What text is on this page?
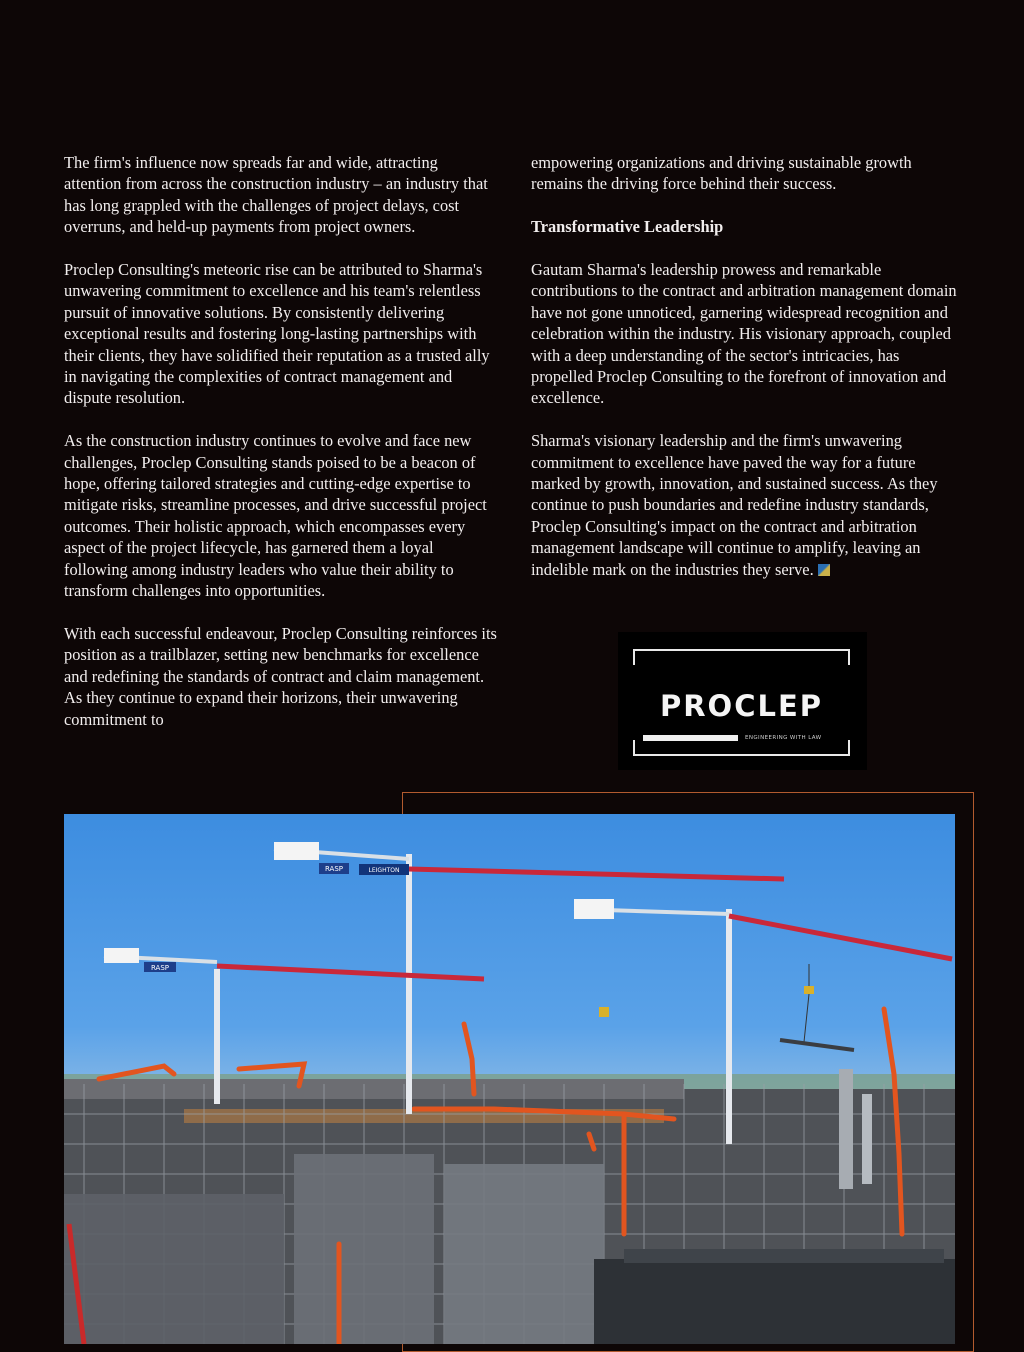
The firm's influence now spreads far and wide, attracting attention from across the construction industry – an industry that has long grappled with the challenges of project delays, cost overruns, and held-up payments from project owners.

Proclep Consulting's meteoric rise can be attributed to Sharma's unwavering commitment to excellence and his team's relentless pursuit of innovative solutions. By consistently delivering exceptional results and fostering long-lasting partnerships with their clients, they have solidified their reputation as a trusted ally in navigating the complexities of contract management and dispute resolution.

As the construction industry continues to evolve and face new challenges, Proclep Consulting stands poised to be a beacon of hope, offering tailored strategies and cutting-edge expertise to mitigate risks, streamline processes, and drive successful project outcomes. Their holistic approach, which encompasses every aspect of the project lifecycle, has garnered them a loyal following among industry leaders who value their ability to transform challenges into opportunities.

With each successful endeavour, Proclep Consulting reinforces its position as a trailblazer, setting new benchmarks for excellence and redefining the standards of contract and claim management. As they continue to expand their horizons, their unwavering commitment to

empowering organizations and driving sustainable growth remains the driving force behind their success.

Transformative Leadership

Gautam Sharma's leadership prowess and remarkable contributions to the contract and arbitration management domain have not gone unnoticed, garnering widespread recognition and celebration within the industry. His visionary approach, coupled with a deep understanding of the sector's intricacies, has propelled Proclep Consulting to the forefront of innovation and excellence.

Sharma's visionary leadership and the firm's unwavering commitment to excellence have paved the way for a future marked by growth, innovation, and sustained success. As they continue to push boundaries and redefine industry standards, Proclep Consulting's impact on the contract and arbitration management landscape will continue to amplify, leaving an indelible mark on the industries they serve.

PROCLEP
ENGINEERING WITH LAW
RASP
RASP	LEIGHTON
